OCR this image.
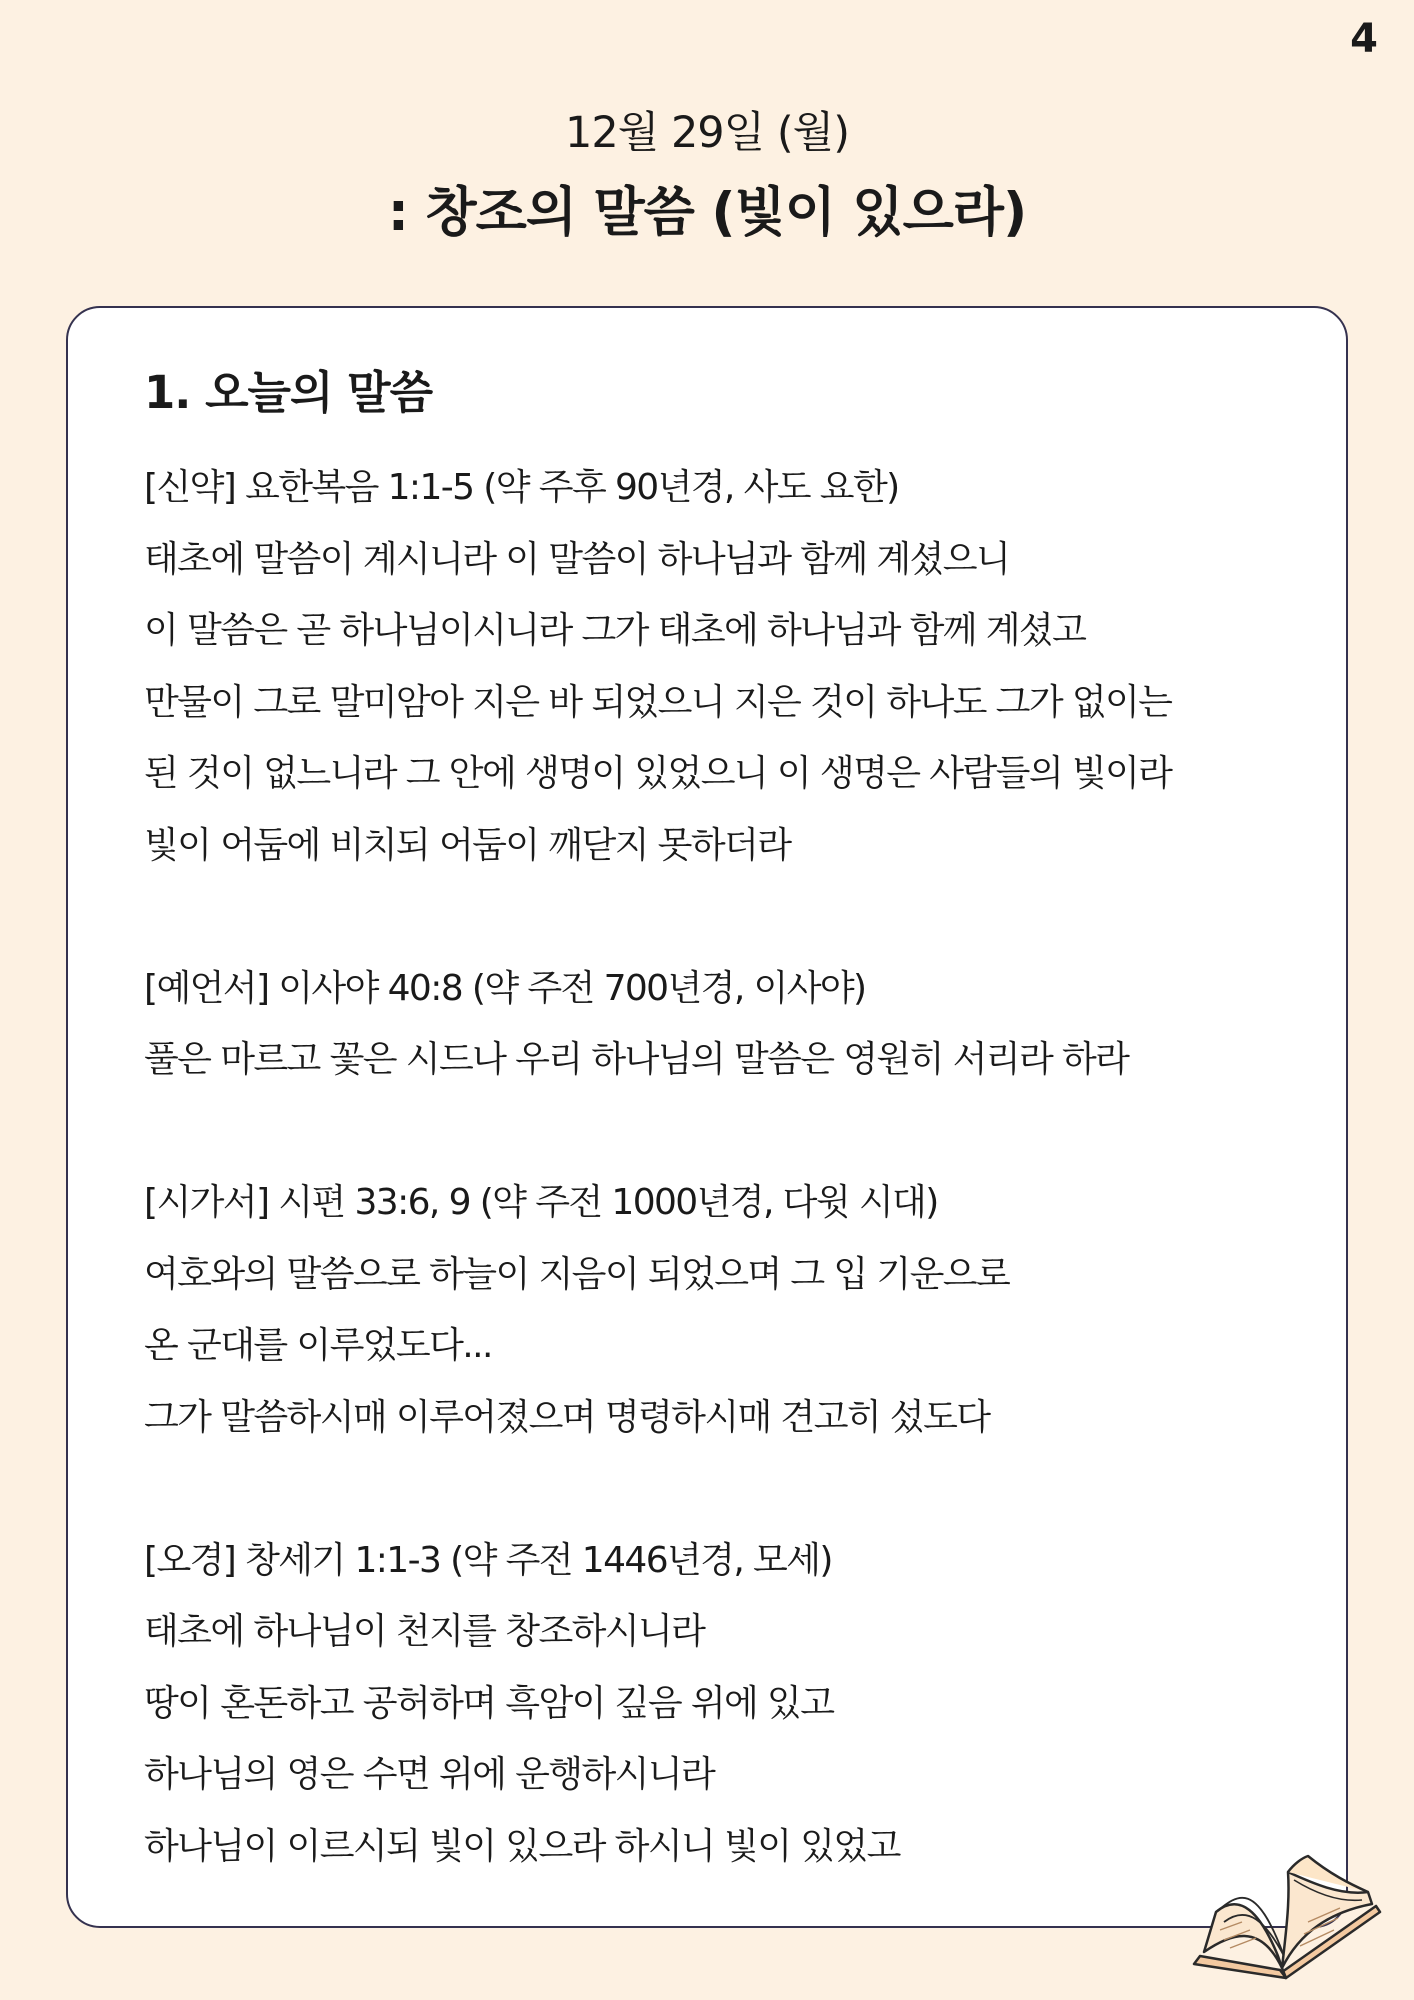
4
12월 29일 (월)
: 창조의 말씀 (빛이 있으라)
1. 오늘의 말씀
[신약] 요한복음 1:1-5 (약 주후 90년경, 사도 요한)
태초에 말씀이 계시니라 이 말씀이 하나님과 함께 계셨으니
이 말씀은 곧 하나님이시니라 그가 태초에 하나님과 함께 계셨고
만물이 그로 말미암아 지은 바 되었으니 지은 것이 하나도 그가 없이는
된 것이 없느니라 그 안에 생명이 있었으니 이 생명은 사람들의 빛이라
빛이 어둠에 비치되 어둠이 깨닫지 못하더라
[예언서] 이사야 40:8 (약 주전 700년경, 이사야)
풀은 마르고 꽃은 시드나 우리 하나님의 말씀은 영원히 서리라 하라
[시가서] 시편 33:6, 9 (약 주전 1000년경, 다윗 시대)
여호와의 말씀으로 하늘이 지음이 되었으며 그 입 기운으로
온 군대를 이루었도다...
그가 말씀하시매 이루어졌으며 명령하시매 견고히 섰도다
[오경] 창세기 1:1-3 (약 주전 1446년경, 모세)
태초에 하나님이 천지를 창조하시니라
땅이 혼돈하고 공허하며 흑암이 깊음 위에 있고
하나님의 영은 수면 위에 운행하시니라
하나님이 이르시되 빛이 있으라 하시니 빛이 있었고
